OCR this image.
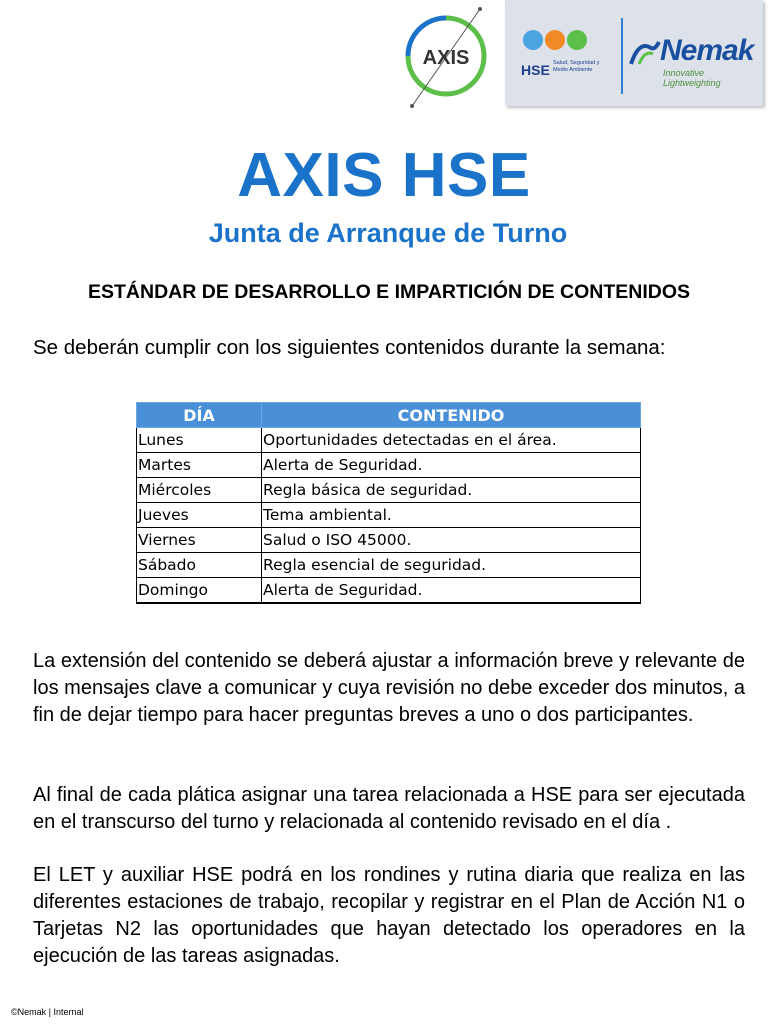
AXIS
HSE Salud, Seguridad y Medio Ambiente
Nemak
Innovative Lightweighting
AXIS HSE
Junta de Arranque de Turno
ESTÁNDAR DE DESARROLLO E IMPARTICIÓN DE CONTENIDOS
Se deberán cumplir con los siguientes contenidos durante la semana:
DÍA	CONTENIDO
Lunes	Oportunidades detectadas en el área.
Martes	Alerta de Seguridad.
Miércoles	Regla básica de seguridad.
Jueves	Tema ambiental.
Viernes	Salud o ISO 45000.
Sábado	Regla esencial de seguridad.
Domingo	Alerta de Seguridad.
La extensión del contenido se deberá ajustar a información breve y relevante de los mensajes clave a comunicar y cuya revisión no debe exceder dos minutos, a fin de dejar tiempo para hacer preguntas breves a uno o dos participantes.
Al final de cada plática asignar una tarea relacionada a HSE para ser ejecutada en el transcurso del turno y relacionada al contenido revisado en el día .
El LET y auxiliar HSE podrá en los rondines y rutina diaria que realiza en las diferentes estaciones de trabajo, recopilar y registrar en el Plan de Acción N1 o Tarjetas N2 las oportunidades que hayan detectado los operadores en la ejecución de las tareas asignadas.
©Nemak | Internal
